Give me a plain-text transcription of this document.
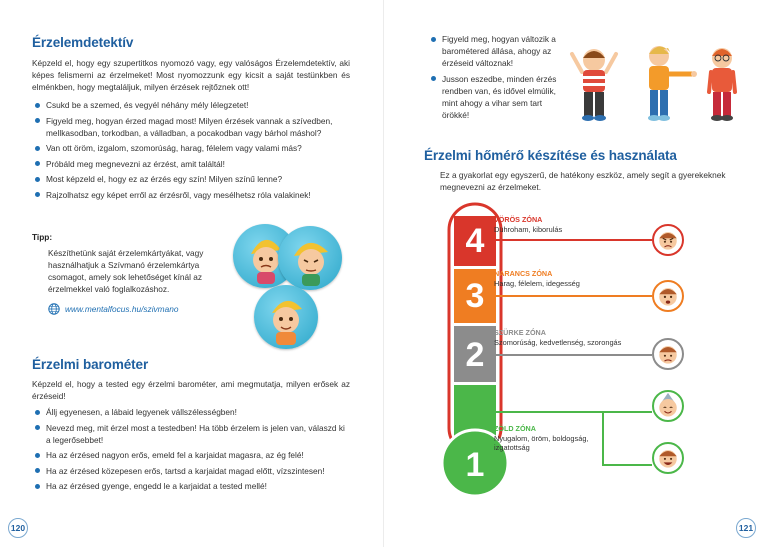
Érzelemdetektív

Képzeld el, hogy egy szupertitkos nyomozó vagy, egy valóságos Érzelemdetektív, aki képes felismerni az érzelmeket! Most nyomozzunk egy kicsit a saját testünkben és elménkben, hogy megtaláljuk, milyen érzések rejtőznek ott!

Csukd be a szemed, és vegyél néhány mély lélegzetet!
Figyeld meg, hogyan érzed magad most! Milyen érzések vannak a szívedben, mellkasodban, torkodban, a válladban, a pocakodban vagy bárhol máshol?
Van ott öröm, izgalom, szomorúság, harag, félelem vagy valami más?
Próbáld meg megnevezni az érzést, amit találtál!
Most képzeld el, hogy ez az érzés egy szín! Milyen színű lenne?
Rajzolhatsz egy képet erről az érzésről, vagy mesélhetsz róla valakinek!
Tipp:

Készíthetünk saját érzelemkártyákat, vagy használhatjuk a Szívmanó érzelemkártya csomagot, amely sok lehetőséget kínál az érzelmekkel való foglalkozáshoz.

www.mentalfocus.hu/szivmano
Érzelmi barométer

Képzeld el, hogy a tested egy érzelmi barométer, ami megmutatja, milyen erősek az érzéseid!

Állj egyenesen, a lábaid legyenek vállszélességben!
Nevezd meg, mit érzel most a testedben! Ha több érzelem is jelen van, válaszd ki a legerősebbet!
Ha az érzésed nagyon erős, emeld fel a karjaidat magasra, az ég felé!
Ha az érzésed közepesen erős, tartsd a karjaidat magad előtt, vízszintesen!
Ha az érzésed gyenge, engedd le a karjaidat a tested mellé!
120
Figyeld meg, hogyan változik a barométered állása, ahogy az érzéseid változnak!
Jusson eszedbe, minden érzés rendben van, és idővel elmúlik, mint ahogy a vihar sem tart örökké!
Érzelmi hőmérő készítése és használata

Ez a gyakorlat egy egyszerű, de hatékony eszköz, amely segít a gyerekeknek megnevezni az érzelmeket.

4
3
2
1
VÖRÖS ZÓNA
Dühroham, kiborulás
NARANCS ZÓNA
Harag, félelem, idegesség
SZÜRKE ZÓNA
Szomorúság, kedvetlenség, szorongás
ZÖLD ZÓNA
Nyugalom, öröm, boldogság, izgatottság
121
